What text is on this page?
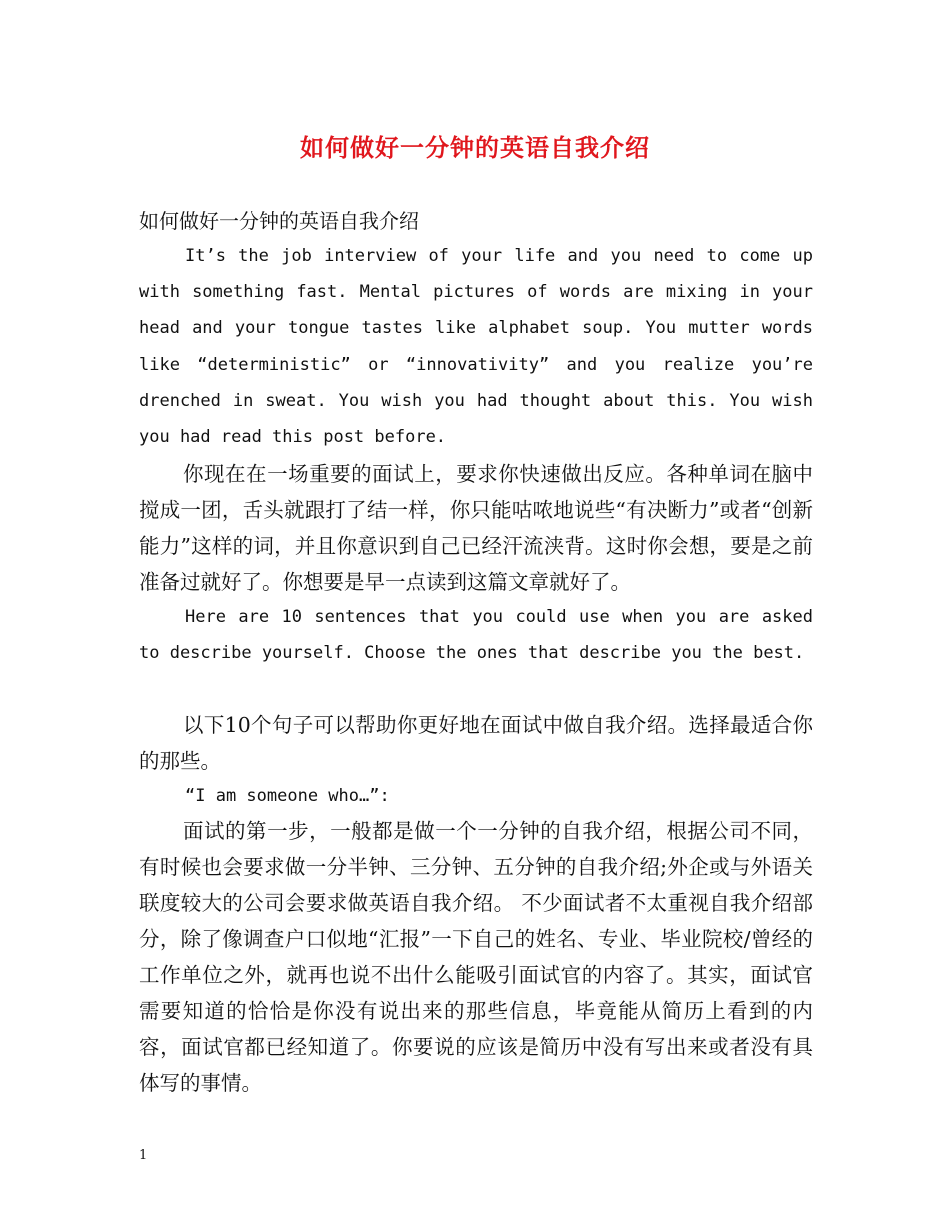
如何做好一分钟的英语自我介绍
如何做好一分钟的英语自我介绍

It’s the job interview of your life and you need to come up with something fast. Mental pictures of words are mixing in your head and your tongue tastes like alphabet soup. You mutter words like “deterministic” or “innovativity” and you realize you’re drenched in sweat. You wish you had thought about this. You wish you had read this post before.

你现在在一场重要的面试上，要求你快速做出反应。各种单词在脑中搅成一团，舌头就跟打了结一样，你只能咕哝地说些“有决断力”或者“创新能力”这样的词，并且你意识到自己已经汗流浃背。这时你会想，要是之前准备过就好了。你想要是早一点读到这篇文章就好了。

Here are 10 sentences that you could use when you are asked to describe yourself. Choose the ones that describe you the best.

以下10个句子可以帮助你更好地在面试中做自我介绍。选择最适合你的那些。

“I am someone who…”:

面试的第一步，一般都是做一个一分钟的自我介绍，根据公司不同，有时候也会要求做一分半钟、三分钟、五分钟的自我介绍;外企或与外语关联度较大的公司会要求做英语自我介绍。 不少面试者不太重视自我介绍部分，除了像调查户口似地“汇报”一下自己的姓名、专业、毕业院校/曾经的工作单位之外，就再也说不出什么能吸引面试官的内容了。其实，面试官需要知道的恰恰是你没有说出来的那些信息，毕竟能从简历上看到的内容，面试官都已经知道了。你要说的应该是简历中没有写出来或者没有具体写的事情。

1
